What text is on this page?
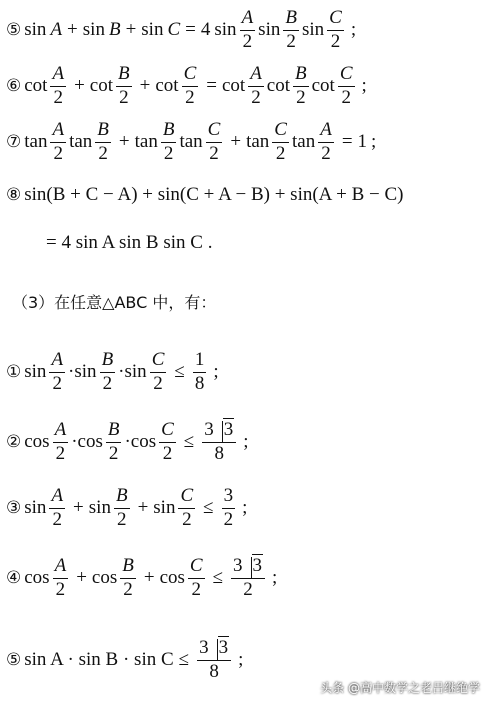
⑤ sin A + sin B + sin C = 4 $\sin \frac{A}{2}$ $\sin \frac{B}{2}$ $\sin \frac{C}{2}$ ;
⑥ $\cot \frac{A}{2} + \cot \frac{B}{2} + \cot \frac{C}{2} = \cot \frac{A}{2}$ $\cot \frac{B}{2}$ $\cot \frac{C}{2}$ ;
⑦ $\tan \frac{A}{2}$ $\tan \frac{B}{2} + \tan \frac{B}{2}$ $\tan \frac{C}{2} + \tan \frac{C}{2}$ $\tan \frac{A}{2} = 1$ ;
⑧ sin(B + C − A) + sin(C + A − B) + sin(A + B − C)
= 4 sin A sin B sin C .
（3）在任意△ABC 中，有：
① $\sin \frac{A}{2} \cdot \sin \frac{B}{2} \cdot \sin \frac{C}{2} \le \frac{1}{8}$ ;
② $\cos \frac{A}{2} \cdot \cos \frac{B}{2} \cdot \cos \frac{C}{2} \le \frac{3 3}{8}$ ;
③ $\sin \frac{A}{2} + \sin \frac{B}{2} + \sin \frac{C}{2} \le \frac{3}{2}$ ;
④ $\cos \frac{A}{2} + \cos \frac{B}{2} + \cos \frac{C}{2} \le \frac{3 3}{2}$ ;
⑤ $\sin A \cdot \sin B \cdot \sin C \le \frac{3 3}{8}$ ;
头条 @高中数学之老吕继绝学
